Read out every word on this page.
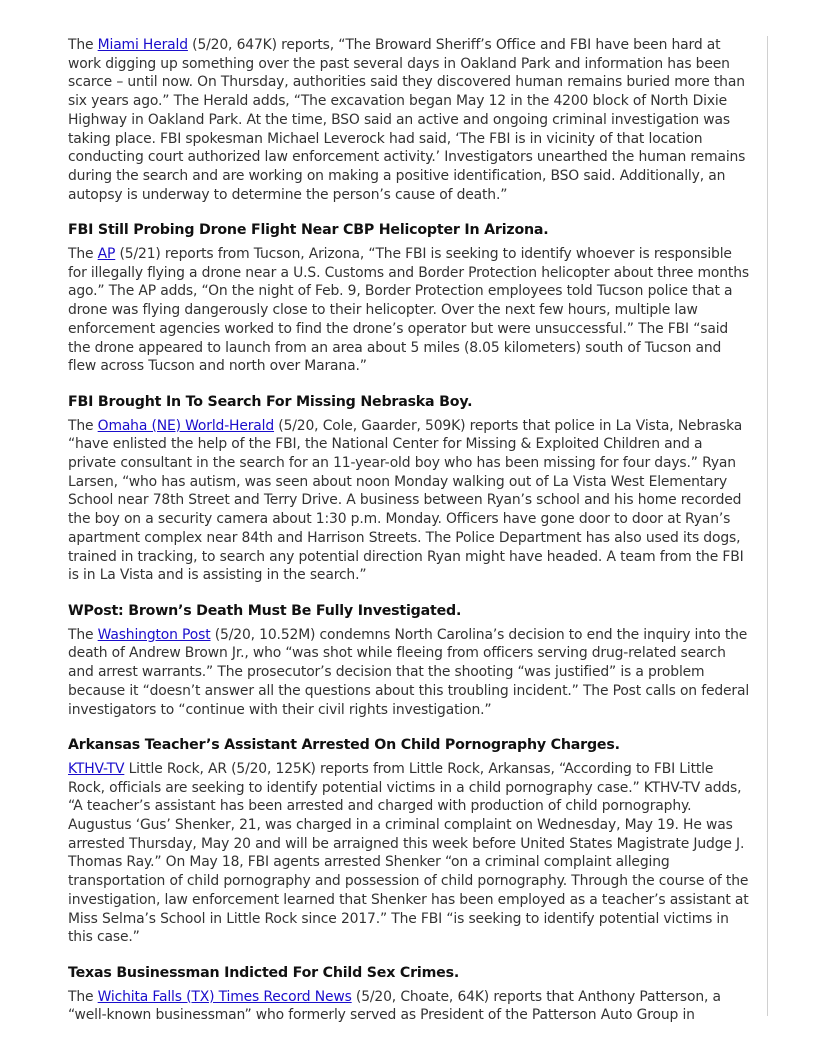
The Miami Herald (5/20, 647K) reports, “The Broward Sheriff’s Office and FBI have been hard at work digging up something over the past several days in Oakland Park and information has been scarce – until now. On Thursday, authorities said they discovered human remains buried more than six years ago.” The Herald adds, “The excavation began May 12 in the 4200 block of North Dixie Highway in Oakland Park. At the time, BSO said an active and ongoing criminal investigation was taking place. FBI spokesman Michael Leverock had said, ‘The FBI is in vicinity of that location conducting court authorized law enforcement activity.’ Investigators unearthed the human remains during the search and are working on making a positive identification, BSO said. Additionally, an autopsy is underway to determine the person’s cause of death.”

FBI Still Probing Drone Flight Near CBP Helicopter In Arizona.

The AP (5/21) reports from Tucson, Arizona, “The FBI is seeking to identify whoever is responsible for illegally flying a drone near a U.S. Customs and Border Protection helicopter about three months ago.” The AP adds, “On the night of Feb. 9, Border Protection employees told Tucson police that a drone was flying dangerously close to their helicopter. Over the next few hours, multiple law enforcement agencies worked to find the drone’s operator but were unsuccessful.” The FBI “said the drone appeared to launch from an area about 5 miles (8.05 kilometers) south of Tucson and flew across Tucson and north over Marana.”

FBI Brought In To Search For Missing Nebraska Boy.

The Omaha (NE) World-Herald (5/20, Cole, Gaarder, 509K) reports that police in La Vista, Nebraska “have enlisted the help of the FBI, the National Center for Missing & Exploited Children and a private consultant in the search for an 11-year-old boy who has been missing for four days.” Ryan Larsen, “who has autism, was seen about noon Monday walking out of La Vista West Elementary School near 78th Street and Terry Drive. A business between Ryan’s school and his home recorded the boy on a security camera about 1:30 p.m. Monday. Officers have gone door to door at Ryan’s apartment complex near 84th and Harrison Streets. The Police Department has also used its dogs, trained in tracking, to search any potential direction Ryan might have headed. A team from the FBI is in La Vista and is assisting in the search.”

WPost: Brown’s Death Must Be Fully Investigated.

The Washington Post (5/20, 10.52M) condemns North Carolina’s decision to end the inquiry into the death of Andrew Brown Jr., who “was shot while fleeing from officers serving drug-related search and arrest warrants.” The prosecutor’s decision that the shooting “was justified” is a problem because it “doesn’t answer all the questions about this troubling incident.” The Post calls on federal investigators to “continue with their civil rights investigation.”

Arkansas Teacher’s Assistant Arrested On Child Pornography Charges.

KTHV-TV Little Rock, AR (5/20, 125K) reports from Little Rock, Arkansas, “According to FBI Little Rock, officials are seeking to identify potential victims in a child pornography case.” KTHV-TV adds, “A teacher’s assistant has been arrested and charged with production of child pornography. Augustus ‘Gus’ Shenker, 21, was charged in a criminal complaint on Wednesday, May 19. He was arrested Thursday, May 20 and will be arraigned this week before United States Magistrate Judge J. Thomas Ray.” On May 18, FBI agents arrested Shenker “on a criminal complaint alleging transportation of child pornography and possession of child pornography. Through the course of the investigation, law enforcement learned that Shenker has been employed as a teacher’s assistant at Miss Selma’s School in Little Rock since 2017.” The FBI “is seeking to identify potential victims in this case.”

Texas Businessman Indicted For Child Sex Crimes.

The Wichita Falls (TX) Times Record News (5/20, Choate, 64K) reports that Anthony Patterson, a “well-known businessman” who formerly served as President of the Patterson Auto Group in
